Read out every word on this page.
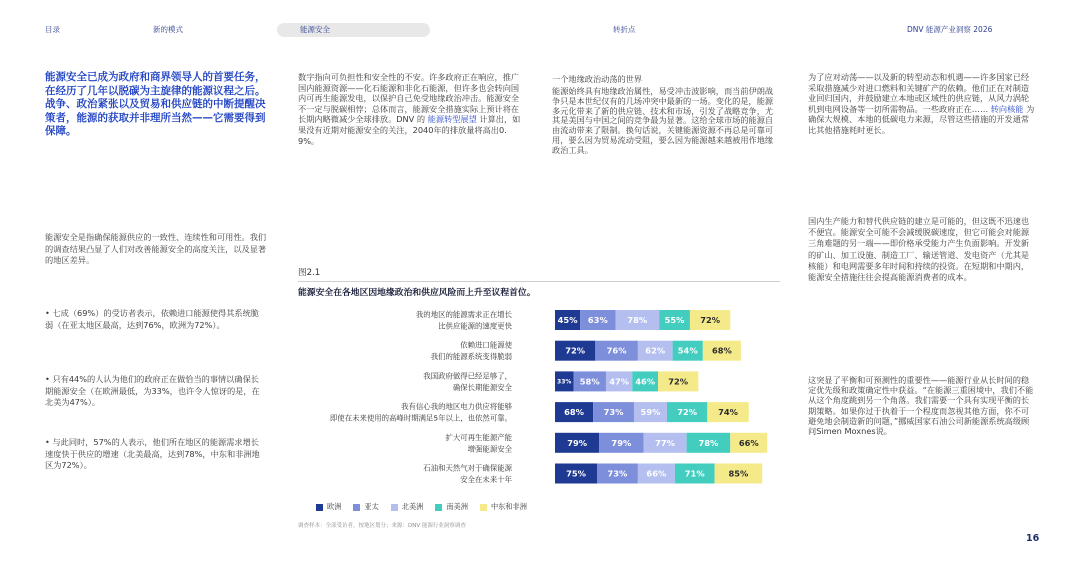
目录	新的模式	能源安全	转折点	DNV 能源产业洞察 2026
能源安全已成为政府和商界领导人的首要任务，在经历了几年以脱碳为主旋律的能源议程之后。战争、政治紧张以及贸易和供应链的中断提醒决策者，能源的获取并非理所当然——它需要得到保障。

能源安全是指确保能源供应的一致性、连续性和可用性。我们的调查结果凸显了人们对改善能源安全的高度关注，以及显著的地区差异。

• 七成（69%）的受访者表示，依赖进口能源使得其系统脆弱（在亚太地区最高，达到76%，欧洲为72%）。

• 只有44%的人认为他们的政府正在做恰当的事情以确保长期能源安全（在欧洲最低，为33%，也许令人惊讶的是，在北美为47%）。

• 与此同时，57%的人表示，他们所在地区的能源需求增长速度快于供应的增速（北美最高，达到78%，中东和非洲地区为72%）。

数字指向可负担性和安全性的不安。许多政府正在响应，推广国内能源资源——化石能源和非化石能源，但许多也会转向国内可再生能源发电，以保护自己免受地缘政治冲击。能源安全不一定与脱碳相悖；总体而言，能源安全措施实际上预计将在长期内略微减少全球排放。DNV 的 能源转型展望 计算出，如果没有近期对能源安全的关注，2040年的排放量将高出0.9%。

一个地缘政治动荡的世界

能源始终具有地缘政治属性，易受冲击波影响，而当前伊朗战争只是本世纪仅有的几场冲突中最新的一场。变化的是，能源多元化带来了新的供应链、技术和市场，引发了战略竞争，尤其是美国与中国之间的竞争最为显著。这给全球市场的能源自由流动带来了限制。换句话说，关键能源资源不再总是可靠可用，要么因为贸易流动受阻，要么因为能源越来越被用作地缘政治工具。

为了应对动荡——以及新的转型动态和机遇——许多国家已经采取措施减少对进口燃料和关键矿产的依赖。他们正在对制造业回归国内，并鼓励建立本地或区域性的供应链，从风力涡轮机到电网设备等一切所需物品。一些政府正在…… 转向核能 为确保大规模、本地的低碳电力来源，尽管这些措施的开发通常比其他措施耗时更长。

国内生产能力和替代供应链的建立是可能的，但这既不迅速也不便宜。能源安全可能不会减缓脱碳速度，但它可能会对能源三角难题的另一端——即价格承受能力产生负面影响。开发新的矿山、加工设施、制造工厂、输送管道、发电资产（尤其是核能）和电网需要多年时间和持续的投资。在短期和中期内，能源安全措施往往会提高能源消费者的成本。

这突显了平衡和可预测性的重要性——能源行业从长时间的稳定优先级和政策确定性中获益。“在能源三重困境中，我们不能从这个角度跳到另一个角落。我们需要一个具有实现平衡的长期策略。如果你过于执着于一个程度而忽视其他方面，你不可避免地会制造新的问题，”挪威国家石油公司新能源系统高级顾问Simen Moxnes说。

图2.1
能源安全在各地区因地缘政治和供应风险而上升至议程首位。
我的地区的能源需求正在增长
比供应能源的速度更快
45% 63% 78% 55% 72%
依赖进口能源使
我们的能源系统变得脆弱
72%	76% 62% 54% 68%
我国政府做得已经足够了，
确保长期能源安全
33% 58% 47% 46% 72%
我有信心我的地区电力供应将能够
即使在未来使用的高峰时期满足5年以上，也依然可靠。
68% 73% 59% 72%	74%
扩大可再生能源产能
增强能源安全
79%	79%	77%	78% 66%
石油和天然气对于确保能源
安全在未来十年
75%	73% 66% 71%	85%
欧洲	亚太	北美洲	南美洲	中东和非洲
调查样本：全部受访者，按地区划分；来源：DNV 能源行业洞察调查
16
